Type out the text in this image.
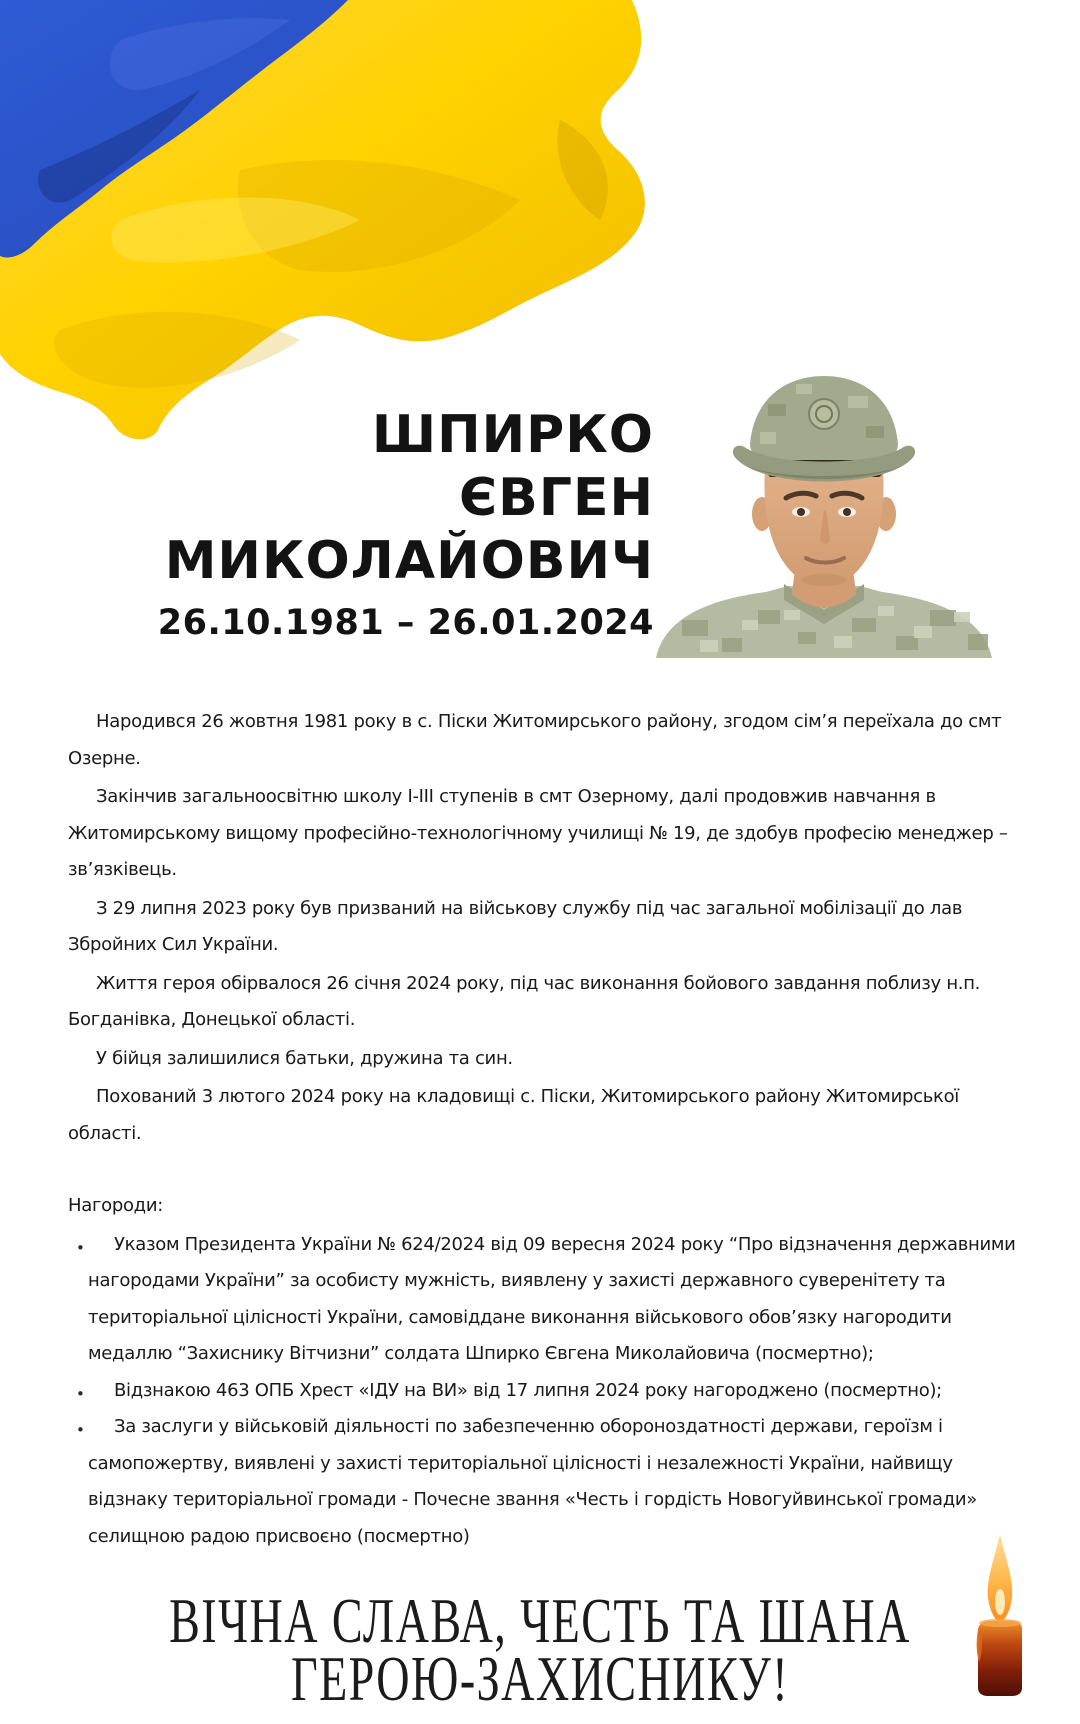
ШПИРКО
ЄВГЕН
МИКОЛАЙОВИЧ
26.10.1981 – 26.01.2024
Народився 26 жовтня 1981 року в с. Піски Житомирського району, згодом сім’я переїхала до смт
Озерне.
Закінчив загальноосвітню школу І-ІІІ ступенів в смт Озерному, далі продовжив навчання в
Житомирському вищому професійно-технологічному училищі № 19, де здобув професію менеджер –
зв’язківець.
З 29 липня 2023 року був призваний на військову службу під час загальної мобілізації до лав
Збройних Сил України.
Життя героя обірвалося 26 січня 2024 року, під час виконання бойового завдання поблизу н.п.
Богданівка, Донецької області.
У бійця залишилися батьки, дружина та син.
Похований 3 лютого 2024 року на кладовищі с. Піски, Житомирського району Житомирської
області.
Нагороди:
• Указом Президента України № 624/2024 від 09 вересня 2024 року “Про відзначення державними
нагородами України” за особисту мужність, виявлену у захисті державного суверенітету та
територіальної цілісності України, самовіддане виконання військового обов’язку нагородити
медаллю “Захиснику Вітчизни” солдата Шпирко Євгена Миколайовича (посмертно);
• Відзнакою 463 ОПБ Хрест «ІДУ на ВИ» від 17 липня 2024 року нагороджено (посмертно);
• За заслуги у військовій діяльності по забезпеченню обороноздатності держави, героїзм і
самопожертву, виявлені у захисті територіальної цілісності і незалежності України, найвищу
відзнаку територіальної громади - Почесне звання «Честь і гордість Новогуйвинської громади»
селищною радою присвоєно (посмертно)
ВІЧНА СЛАВА, ЧЕСТЬ ТА ШАНА
ГЕРОЮ-ЗАХИСНИКУ!
